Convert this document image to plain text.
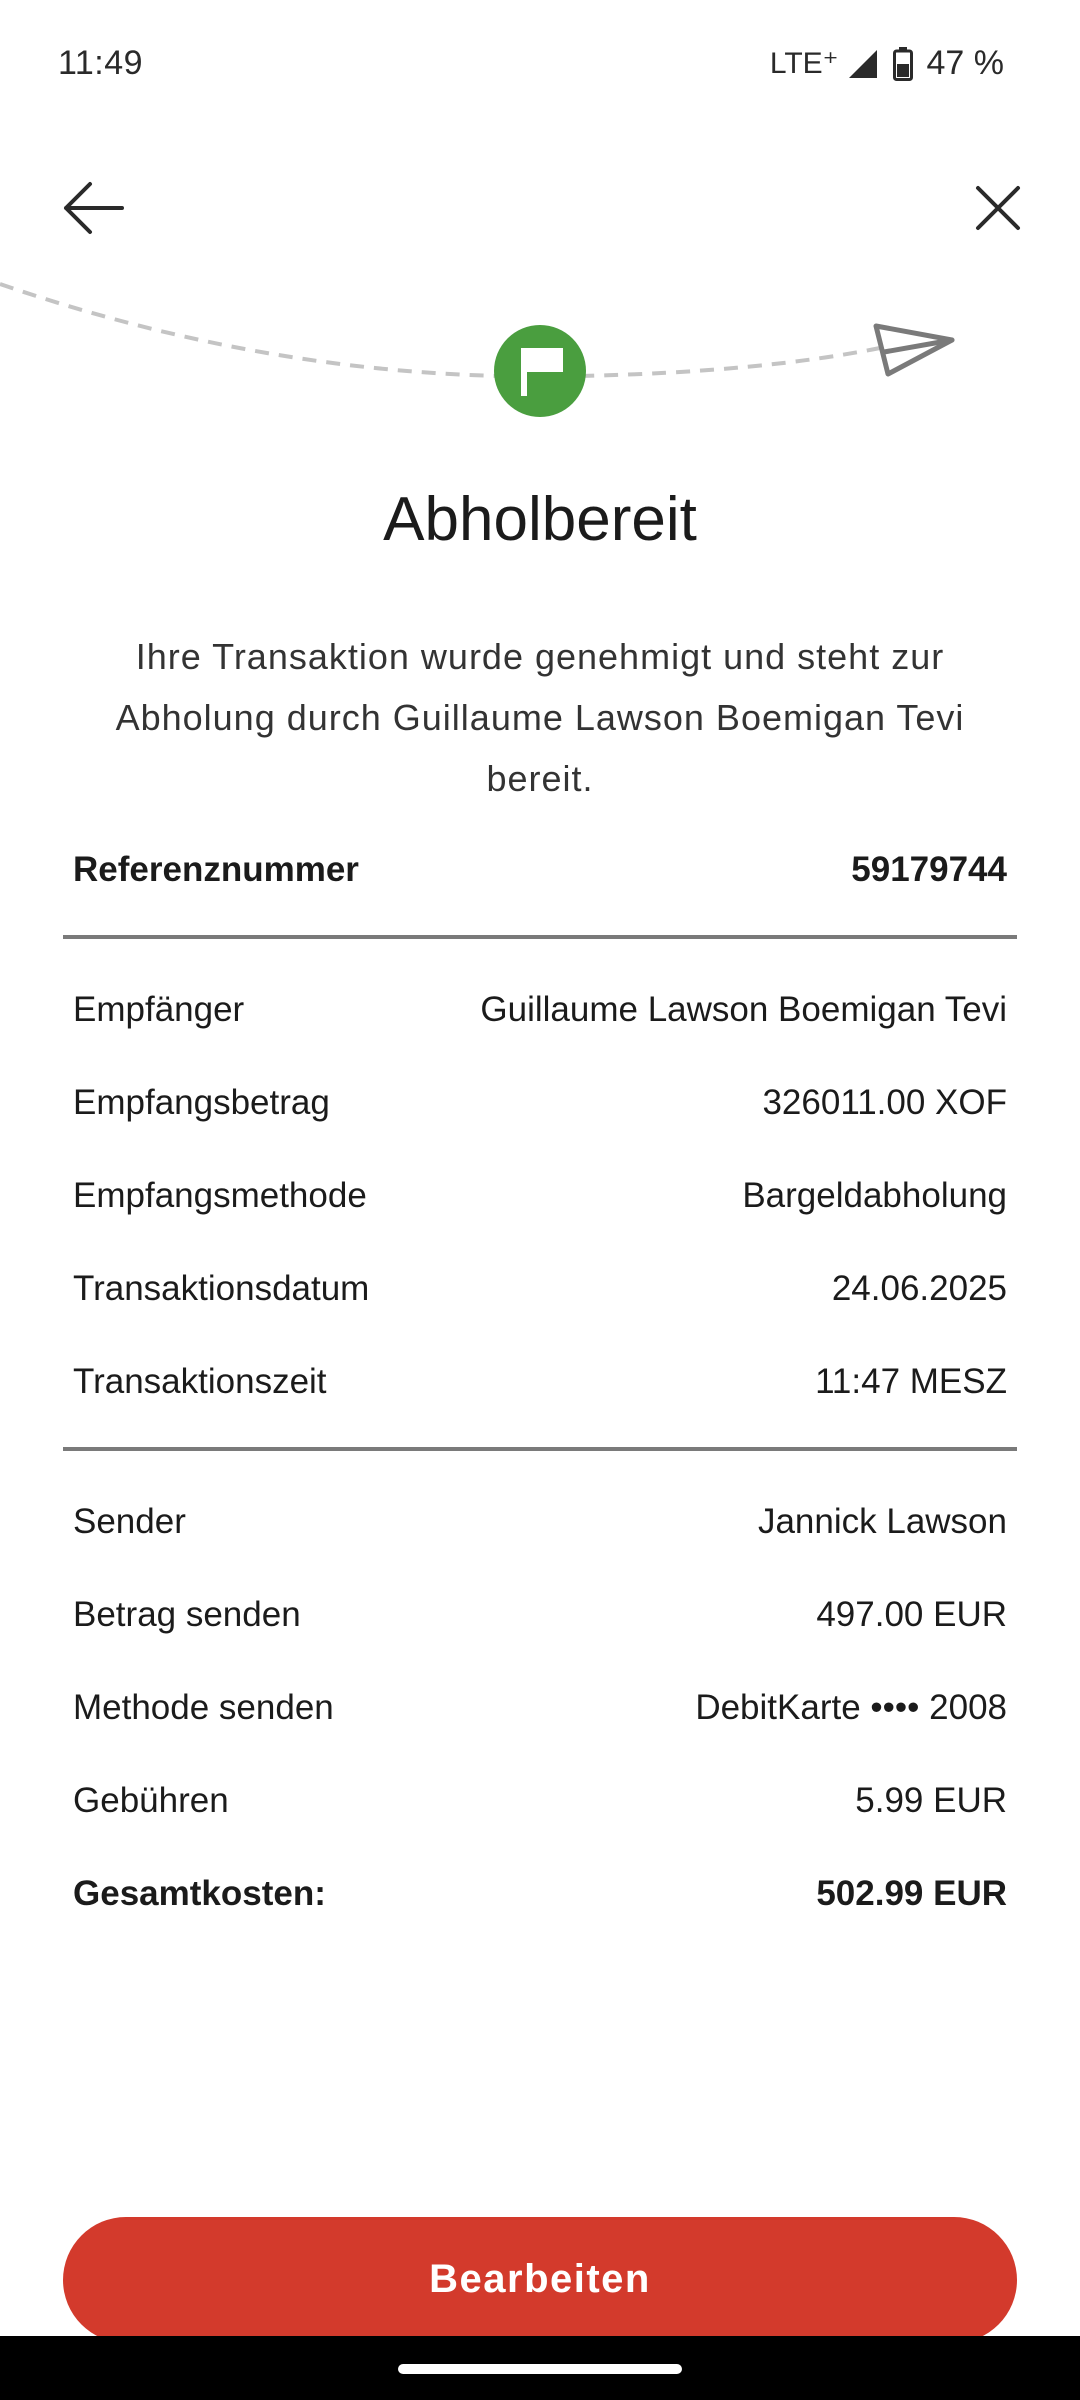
11:49	LTE⁺	47 %
Abholbereit
Ihre Transaktion wurde genehmigt und steht zur Abholung durch Guillaume Lawson Boemigan Tevi bereit.
Referenznummer	59179744
Empfänger	Guillaume Lawson Boemigan Tevi
Empfangsbetrag	326011.00 XOF
Empfangsmethode	Bargeldabholung
Transaktionsdatum	24.06.2025
Transaktionszeit	11:47 MESZ
Sender	Jannick Lawson
Betrag senden	497.00 EUR
Methode senden	DebitKarte •••• 2008
Gebühren	5.99 EUR
Gesamtkosten:	502.99 EUR
Bearbeiten
